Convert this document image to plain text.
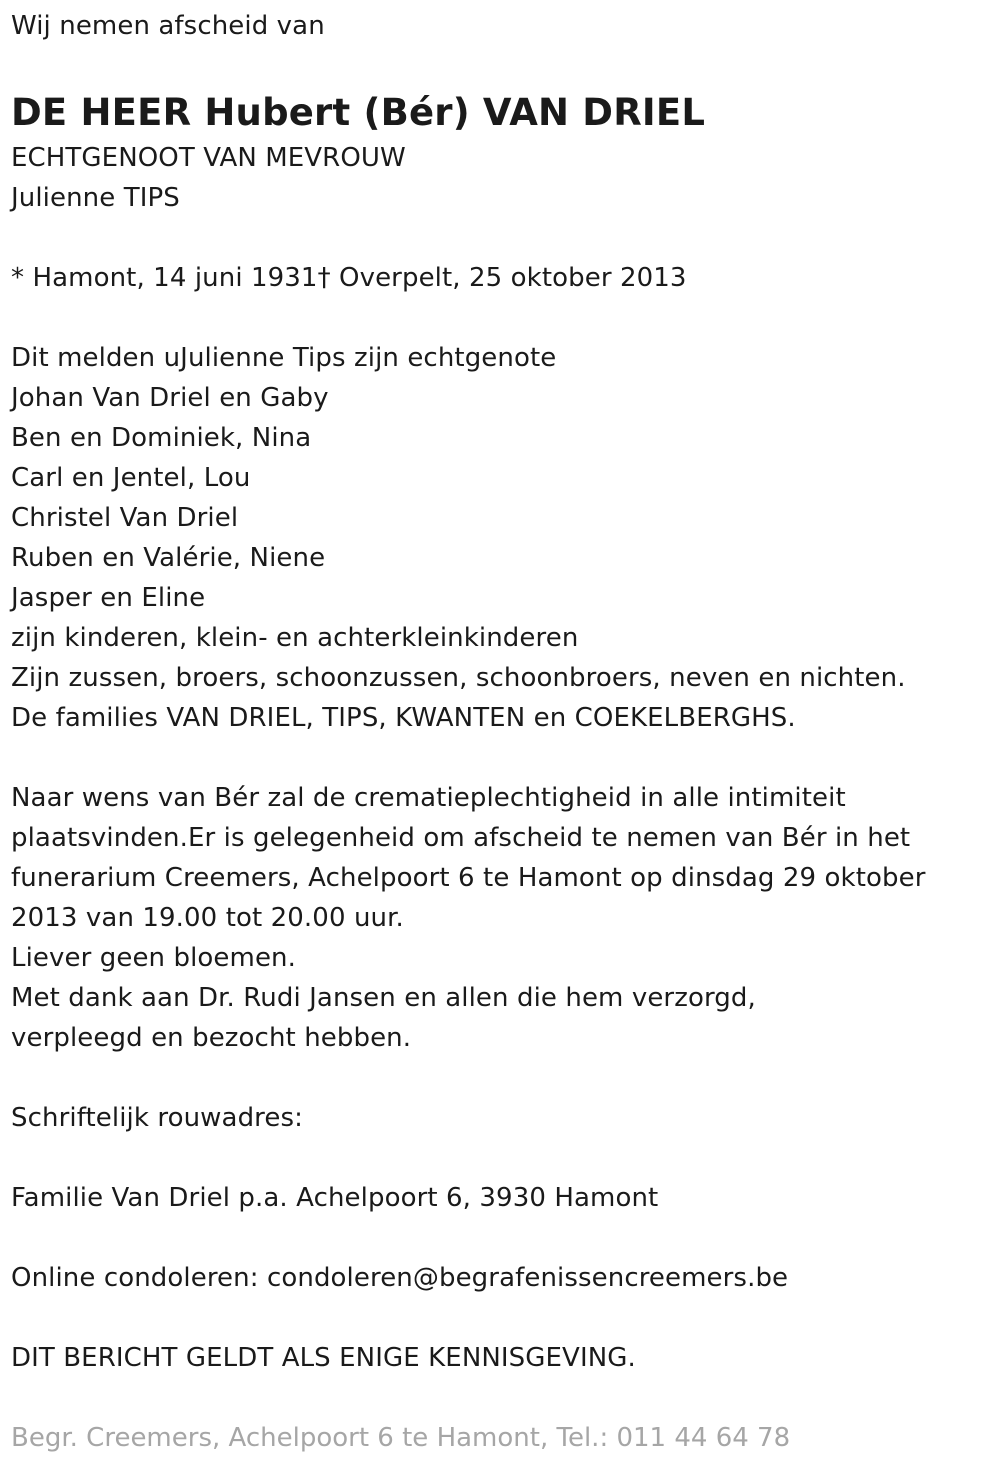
Wij nemen afscheid van
DE HEER Hubert (Bér) VAN DRIEL
ECHTGENOOT VAN MEVROUW
Julienne TIPS
* Hamont, 14 juni 1931† Overpelt, 25 oktober 2013
Dit melden uJulienne Tips zijn echtgenote
Johan Van Driel en Gaby
Ben en Dominiek, Nina
Carl en Jentel, Lou
Christel Van Driel
Ruben en Valérie, Niene
Jasper en Eline
zijn kinderen, klein- en achterkleinkinderen
Zijn zussen, broers, schoonzussen, schoonbroers, neven en nichten.
De families VAN DRIEL, TIPS, KWANTEN en COEKELBERGHS.
Naar wens van Bér zal de crematieplechtigheid in alle intimiteit
plaatsvinden.Er is gelegenheid om afscheid te nemen van Bér in het
funerarium Creemers, Achelpoort 6 te Hamont op dinsdag 29 oktober
2013 van 19.00 tot 20.00 uur.
Liever geen bloemen.
Met dank aan Dr. Rudi Jansen en allen die hem verzorgd,
verpleegd en bezocht hebben.
Schriftelijk rouwadres:
Familie Van Driel p.a. Achelpoort 6, 3930 Hamont
Online condoleren: condoleren@begrafenissencreemers.be
DIT BERICHT GELDT ALS ENIGE KENNISGEVING.
Begr. Creemers, Achelpoort 6 te Hamont, Tel.: 011 44 64 78
